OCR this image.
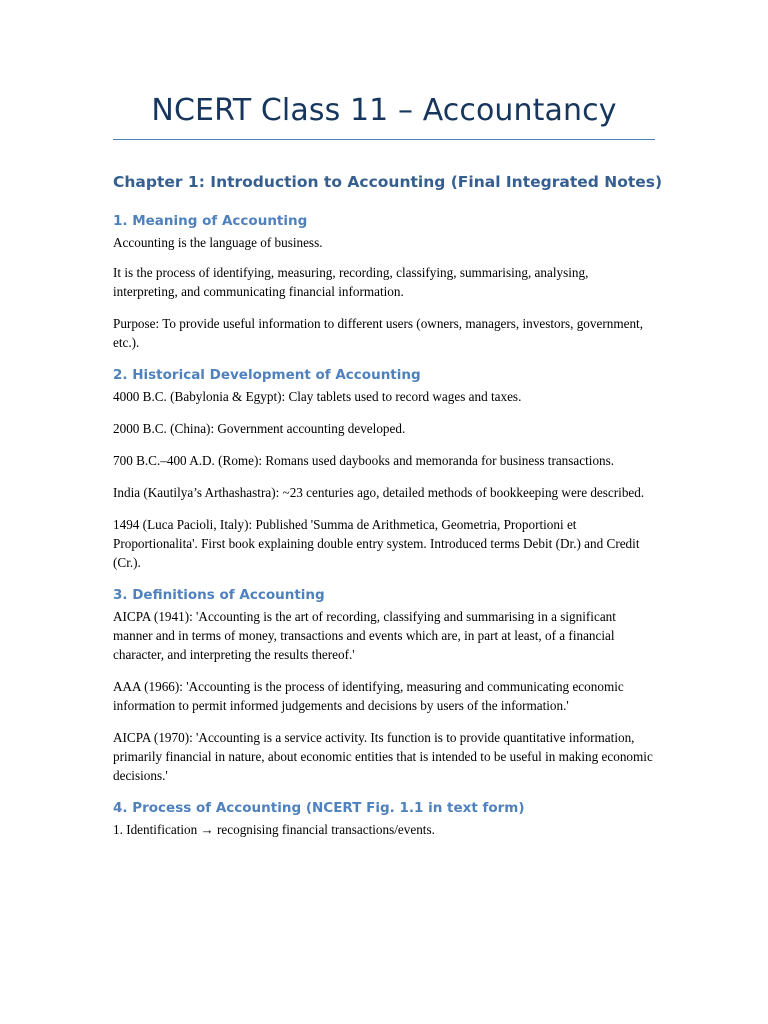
NCERT Class 11 – Accountancy
Chapter 1: Introduction to Accounting (Final Integrated Notes)
1. Meaning of Accounting

Accounting is the language of business.

It is the process of identifying, measuring, recording, classifying, summarising, analysing, interpreting, and communicating financial information.

Purpose: To provide useful information to different users (owners, managers, investors, government, etc.).

2. Historical Development of Accounting

4000 B.C. (Babylonia & Egypt): Clay tablets used to record wages and taxes.

2000 B.C. (China): Government accounting developed.

700 B.C.–400 A.D. (Rome): Romans used daybooks and memoranda for business transactions.

India (Kautilya’s Arthashastra): ~23 centuries ago, detailed methods of bookkeeping were described.

1494 (Luca Pacioli, Italy): Published 'Summa de Arithmetica, Geometria, Proportioni et Proportionalita'. First book explaining double entry system. Introduced terms Debit (Dr.) and Credit (Cr.).

3. Definitions of Accounting

AICPA (1941): 'Accounting is the art of recording, classifying and summarising in a significant manner and in terms of money, transactions and events which are, in part at least, of a financial character, and interpreting the results thereof.'

AAA (1966): 'Accounting is the process of identifying, measuring and communicating economic information to permit informed judgements and decisions by users of the information.'

AICPA (1970): 'Accounting is a service activity. Its function is to provide quantitative information, primarily financial in nature, about economic entities that is intended to be useful in making economic decisions.'

4. Process of Accounting (NCERT Fig. 1.1 in text form)

1. Identification → recognising financial transactions/events.
